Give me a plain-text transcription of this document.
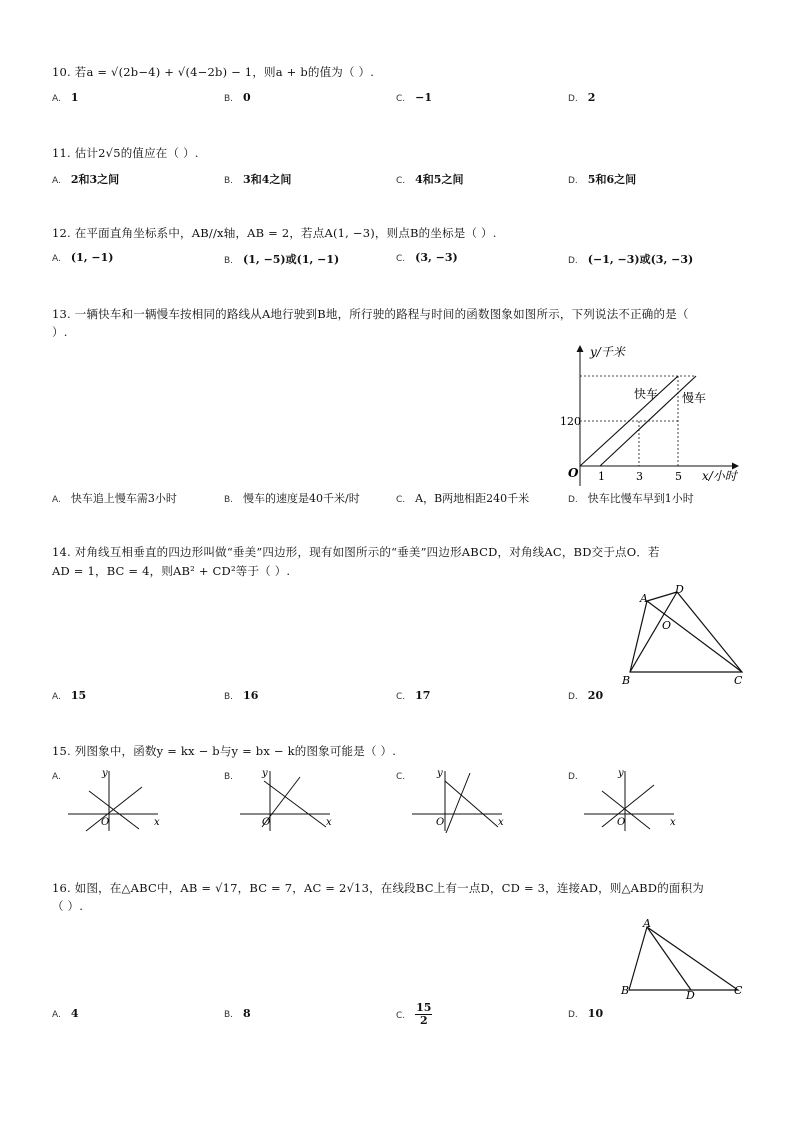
10. 若a = √(2b−4) + √(4−2b) − 1，则a + b的值为（ ）.
A. 1	B. 0	C. −1	D. 2
11. 估计2√5的值应在（ ）.
A. 2和3之间	B. 3和4之间	C. 4和5之间	D. 5和6之间
12. 在平面直角坐标系中，AB//x轴，AB = 2，若点A(1, −3)，则点B的坐标是（ ）.
A. (1, −1)	B. (1, −5)或(1, −1)	C. (3, −3)	D. (−1, −3)或(3, −3)
13. 一辆快车和一辆慢车按相同的路线从A地行驶到B地，所行驶的路程与时间的函数图象如图所示，下列说法不正确的是（
）.
y/千米
x/小时
O
120
1	3	5
快车 慢车
A. 快车追上慢车需3小时	B. 慢车的速度是40千米/时	C. A，B两地相距240千米	D. 快车比慢车早到1小时
14. 对角线互相垂直的四边形叫做“垂美”四边形，现有如图所示的“垂美”四边形ABCD，对角线AC，BD交于点O．若
AD = 1，BC = 4，则AB² + CD²等于（ ）.
A
D
O
B	C
A. 15	B. 16	C. 17	D. 20
15. 列图象中，函数y = kx − b与y = bx − k的图象可能是（ ）.
A.	y
x
O
B.	y
x
O
C.	y
x
O
D.	y
x
O
16. 如图，在△ABC中，AB = √17，BC = 7，AC = 2√13，在线段BC上有一点D，CD = 3，连接AD，则△ABD的面积为
（ ）.
A
B	D	C
A. 4	B. 8	C. $\frac{15}{2}$	D. 10
